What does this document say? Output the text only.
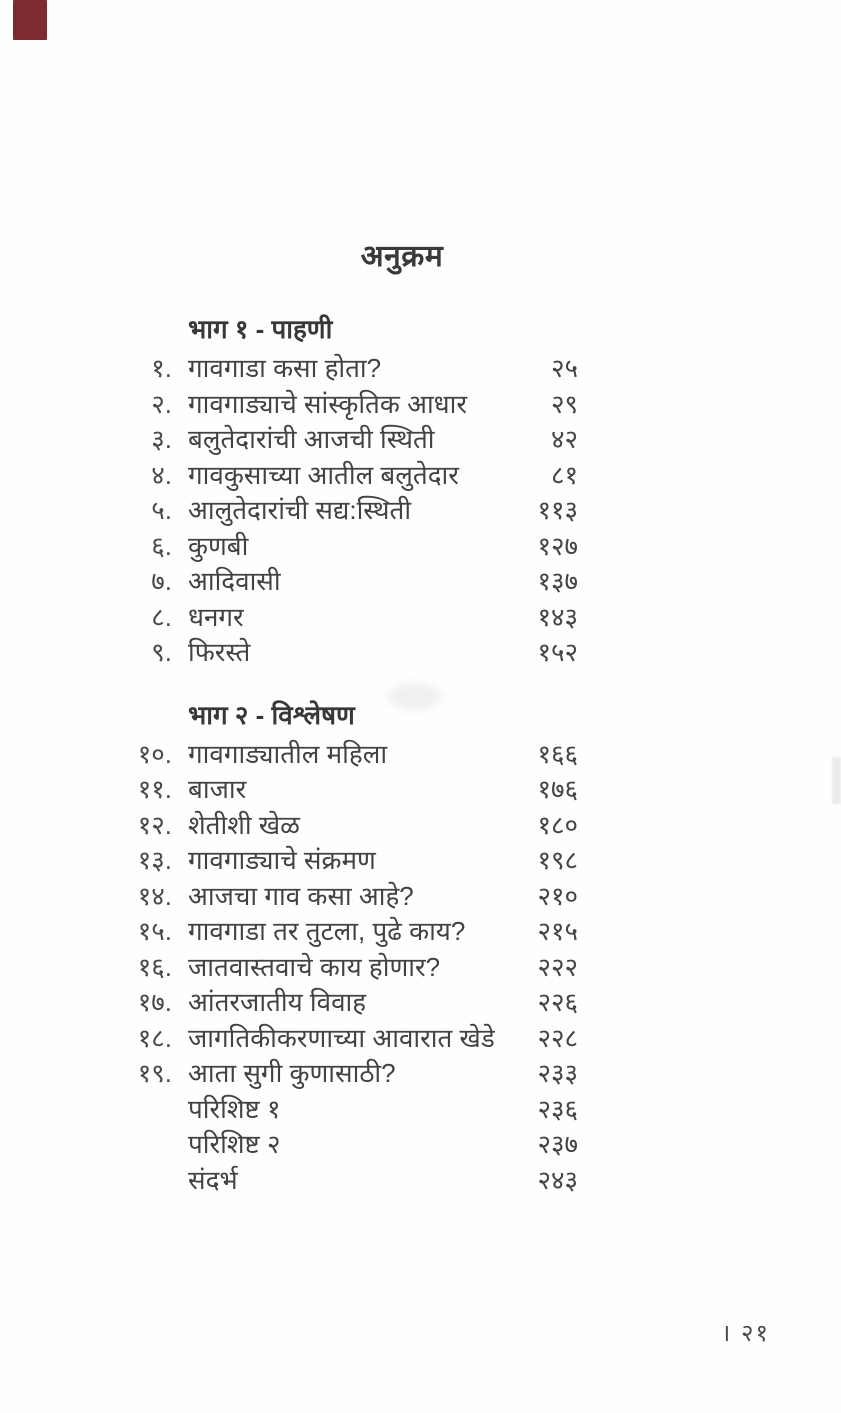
अनुक्रम
भाग १ - पाहणी
१. गावगाडा कसा होता?	२५
२. गावगाड्याचे सांस्कृतिक आधार	२९
३. बलुतेदारांची आजची स्थिती	४२
४. गावकुसाच्या आतील बलुतेदार	८१
५. आलुतेदारांची सद्य:स्थिती	११३
६. कुणबी	१२७
७. आदिवासी	१३७
८. धनगर	१४३
९. फिरस्ते	१५२
भाग २ - विश्लेषण
१०. गावगाड्यातील महिला	१६६
११. बाजार	१७६
१२. शेतीशी खेळ	१८०
१३. गावगाड्याचे संक्रमण	१९८
१४. आजचा गाव कसा आहे?	२१०
१५. गावगाडा तर तुटला, पुढे काय?	२१५
१६. जातवास्तवाचे काय होणार?	२२२
१७. आंतरजातीय विवाह	२२६
१८. जागतिकीकरणाच्या आवारात खेडे	२२८
१९. आता सुगी कुणासाठी?	२३३
परिशिष्ट १	२३६
परिशिष्ट २	२३७
संदर्भ	२४३
। २१
